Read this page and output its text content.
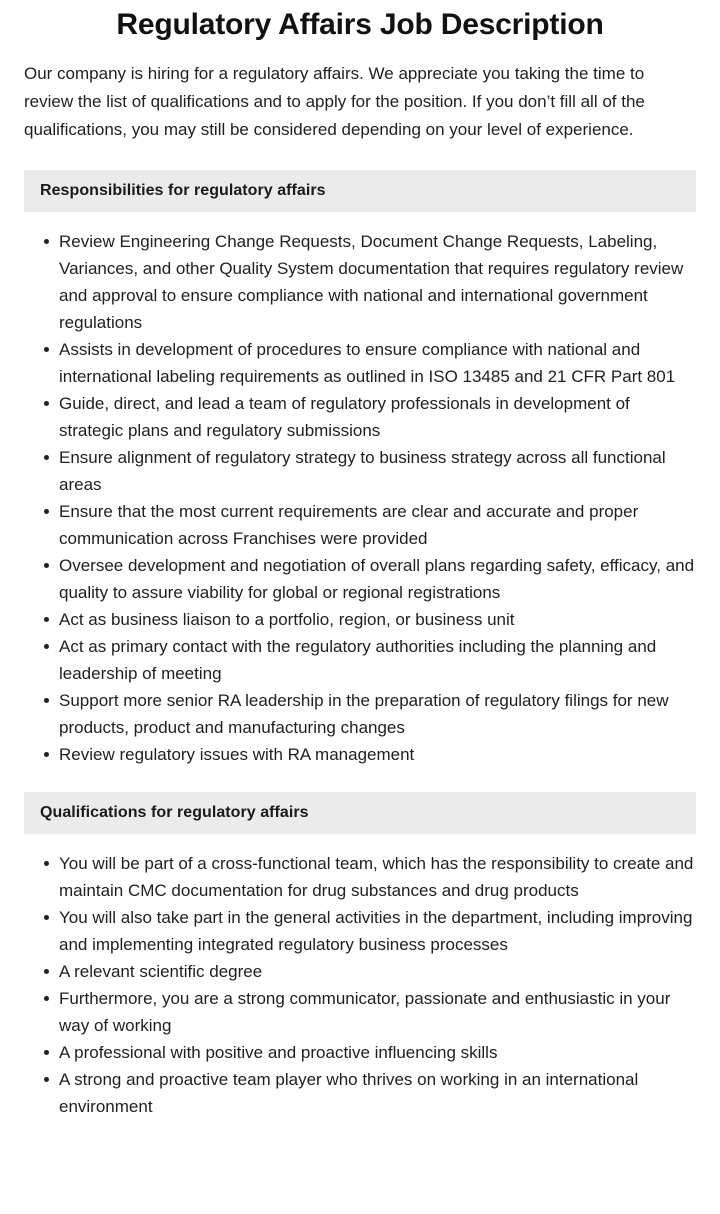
Regulatory Affairs Job Description

Our company is hiring for a regulatory affairs. We appreciate you taking the time to review the list of qualifications and to apply for the position. If you don’t fill all of the qualifications, you may still be considered depending on your level of experience.

Responsibilities for regulatory affairs
Review Engineering Change Requests, Document Change Requests, Labeling, Variances, and other Quality System documentation that requires regulatory review and approval to ensure compliance with national and international government regulations
Assists in development of procedures to ensure compliance with national and international labeling requirements as outlined in ISO 13485 and 21 CFR Part 801
Guide, direct, and lead a team of regulatory professionals in development of strategic plans and regulatory submissions
Ensure alignment of regulatory strategy to business strategy across all functional areas
Ensure that the most current requirements are clear and accurate and proper communication across Franchises were provided
Oversee development and negotiation of overall plans regarding safety, efficacy, and quality to assure viability for global or regional registrations
Act as business liaison to a portfolio, region, or business unit
Act as primary contact with the regulatory authorities including the planning and leadership of meeting
Support more senior RA leadership in the preparation of regulatory filings for new products, product and manufacturing changes
Review regulatory issues with RA management
Qualifications for regulatory affairs
You will be part of a cross-functional team, which has the responsibility to create and maintain CMC documentation for drug substances and drug products
You will also take part in the general activities in the department, including improving and implementing integrated regulatory business processes
A relevant scientific degree
Furthermore, you are a strong communicator, passionate and enthusiastic in your way of working
A professional with positive and proactive influencing skills
A strong and proactive team player who thrives on working in an international environment
